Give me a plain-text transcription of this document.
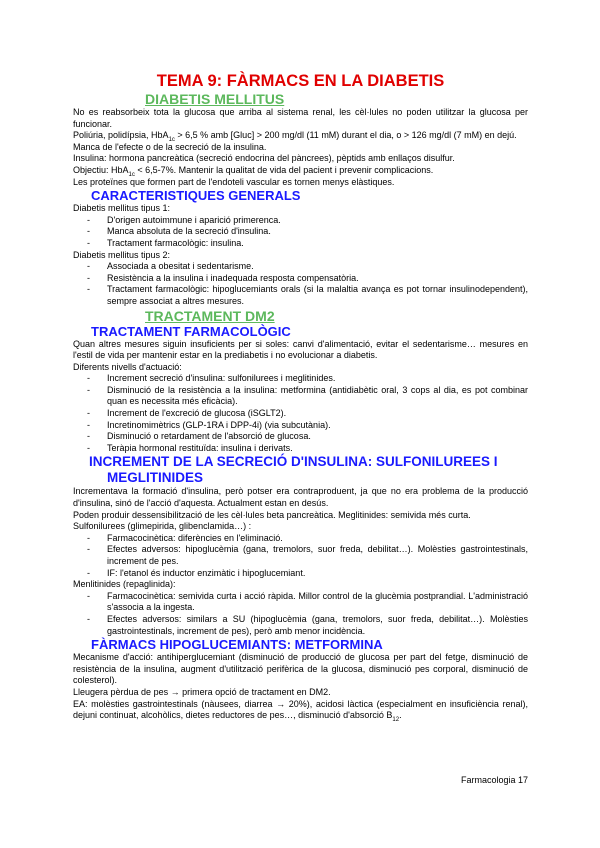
TEMA 9: FÀRMACS EN LA DIABETIS
DIABETIS MELLITUS

No es reabsorbeix tota la glucosa que arriba al sistema renal, les cèl·lules no poden utilitzar la glucosa per funcionar.

Poliúria, polidípsia, HbA$_{1c}$ > 6,5 % amb [Gluc] > 200 mg/dl (11 mM) durant el dia, o > 126 mg/dl (7 mM) en dejú.

Manca de l'efecte o de la secreció de la insulina.

Insulina: hormona pancreàtica (secreció endocrina del pàncrees), pèptids amb enllaços disulfur.

Objectiu: HbA$_{1c}$ < 6,5-7%. Mantenir la qualitat de vida del pacient i prevenir complicacions.

Les proteïnes que formen part de l'endoteli vascular es tornen menys elàstiques.

CARACTERISTIQUES GENERALS

Diabetis mellitus tipus 1:

- D'origen autoimmune i aparició primerenca.
- Manca absoluta de la secreció d'insulina.
- Tractament farmacològic: insulina.

Diabetis mellitus tipus 2:

- Associada a obesitat i sedentarisme.
- Resistència a la insulina i inadequada resposta compensatòria.
- Tractament farmacològic: hipoglucemiants orals (si la malaltia avança es pot tornar insulinodependent), sempre associat a altres mesures.
TRACTAMENT DM2
TRACTAMENT FARMACOLÒGIC

Quan altres mesures siguin insuficients per si soles: canvi d'alimentació, evitar el sedentarisme… mesures en l'estil de vida per mantenir estar en la prediabetis i no evolucionar a diabetis.

Diferents nivells d'actuació:

- Increment secreció d'insulina: sulfonilurees i meglitinides.
- Disminució de la resistència a la insulina: metformina (antidiabètic oral, 3 cops al dia, es pot combinar quan es necessita més eficàcia).
- Increment de l'excreció de glucosa (iSGLT2).
- Incretinomimètrics (GLP-1RA i DPP-4i) (via subcutània).
- Disminució o retardament de l'absorció de glucosa.
- Teràpia hormonal restituïda: insulina i derivats.
INCREMENT DE LA SECRECIÓ D'INSULINA: SULFONILUREES I
MEGLITINIDES

Incrementava la formació d'insulina, però potser era contraproduent, ja que no era problema de la producció d'insulina, sinó de l'acció d'aquesta. Actualment estan en desús.

Poden produir dessensibilització de les cèl·lules beta pancreàtica. Meglitinides: semivida més curta.

Sulfonilurees (glimepirida, glibenclamida…) :

- Farmacocinètica: diferències en l'eliminació.
- Efectes adversos: hipoglucèmia (gana, tremolors, suor freda, debilitat…). Molèsties gastrointestinals, increment de pes.
- IF: l'etanol és inductor enzimàtic i hipoglucemiant.

Menlitinides (repaglinida):

- Farmacocinètica: semivida curta i acció ràpida. Millor control de la glucèmia postprandial. L'administració s'associa a la ingesta.
- Efectes adversos: similars a SU (hipoglucèmia (gana, tremolors, suor freda, debilitat…). Molèsties gastrointestinals, increment de pes), però amb menor incidència.
FÀRMACS HIPOGLUCEMIANTS: METFORMINA

Mecanisme d'acció: antihiperglucemiant (disminució de producció de glucosa per part del fetge, disminució de resistència de la insulina, augment d'utilització perifèrica de la glucosa, disminució pes corporal, disminució de colesterol).

Lleugera pèrdua de pes → primera opció de tractament en DM2.

EA: molèsties gastrointestinals (nàusees, diarrea → 20%), acidosi làctica (especialment en insuficiència renal), dejuni continuat, alcohòlics, dietes reductores de pes…, disminució d'absorció $B_{12}$.

Farmacologia 17
